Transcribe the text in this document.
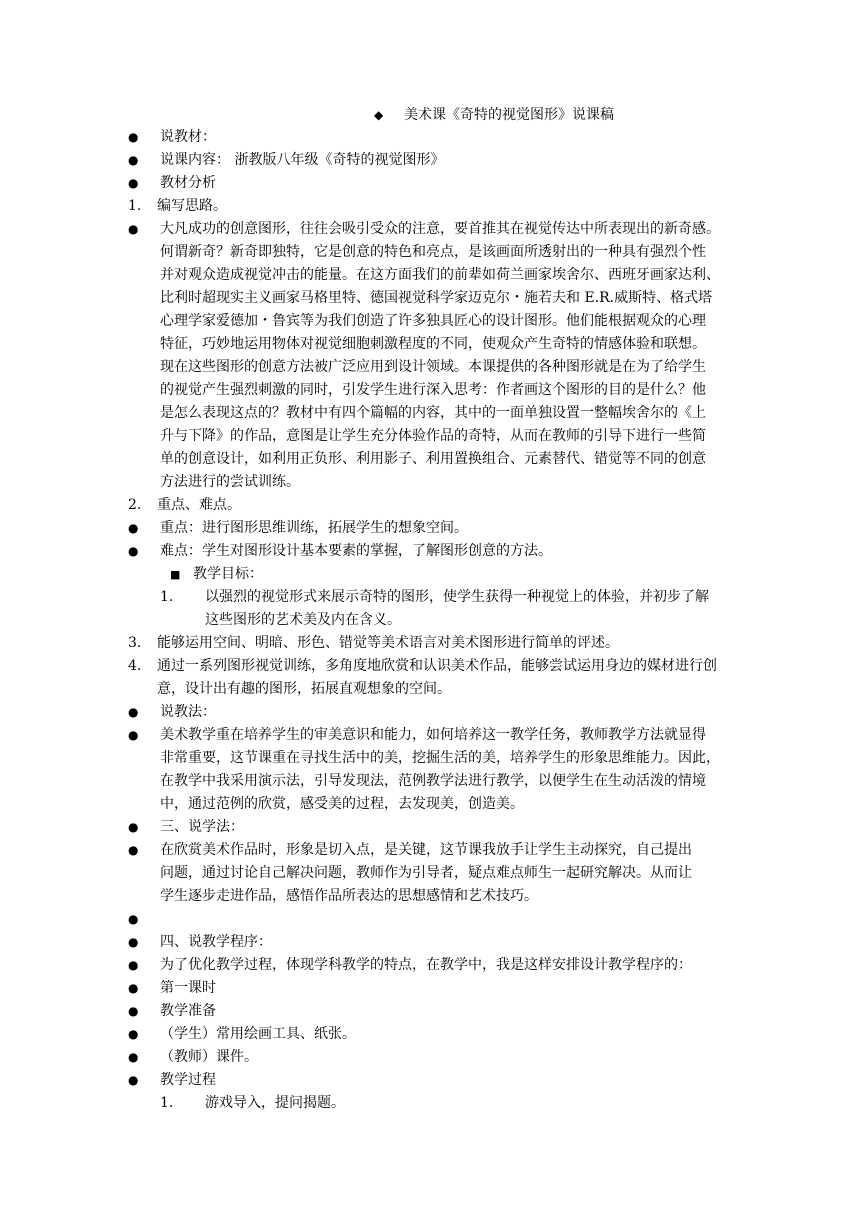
◆ 美术课《奇特的视觉图形》说课稿
●	说教材：
●	说课内容： 浙教版八年级《奇特的视觉图形》
●	教材分析
1.	编写思路。
●	大凡成功的创意图形，往往会吸引受众的注意，要首推其在视觉传达中所表现出的新奇感。
何谓新奇？新奇即独特，它是创意的特色和亮点，是该画面所透射出的一种具有强烈个性
并对观众造成视觉冲击的能量。在这方面我们的前辈如荷兰画家埃舍尔、西班牙画家达利、
比利时超现实主义画家马格里特、德国视觉科学家迈克尔・施若夫和 E.R.威斯特、格式塔
心理学家爱德加・鲁宾等为我们创造了许多独具匠心的设计图形。他们能根据观众的心理
特征，巧妙地运用物体对视觉细胞刺激程度的不同，使观众产生奇特的情感体验和联想。
现在这些图形的创意方法被广泛应用到设计领域。本课提供的各种图形就是在为了给学生
的视觉产生强烈刺激的同时，引发学生进行深入思考：作者画这个图形的目的是什么？他
是怎么表现这点的？教材中有四个篇幅的内容，其中的一面单独设置一整幅埃舍尔的《上
升与下降》的作品，意图是让学生充分体验作品的奇特，从而在教师的引导下进行一些简
单的创意设计，如利用正负形、利用影子、利用置换组合、元素替代、错觉等不同的创意
方法进行的尝试训练。
2.	重点、难点。
●	重点：进行图形思维训练，拓展学生的想象空间。
●	难点：学生对图形设计基本要素的掌握，了解图形创意的方法。
■ 教学目标：
1. 以强烈的视觉形式来展示奇特的图形，使学生获得一种视觉上的体验，并初步了解
这些图形的艺术美及内在含义。
3.	能够运用空间、明暗、形色、错觉等美术语言对美术图形进行简单的评述。
4.	通过一系列图形视觉训练，多角度地欣赏和认识美术作品，能够尝试运用身边的媒材进行创
意，设计出有趣的图形，拓展直观想象的空间。
●	说教法：
●	美术教学重在培养学生的审美意识和能力，如何培养这一教学任务，教师教学方法就显得
非常重要，这节课重在寻找生活中的美，挖掘生活的美，培养学生的形象思维能力。因此，
在教学中我采用演示法，引导发现法，范例教学法进行教学，以便学生在生动活泼的情境
中，通过范例的欣赏，感受美的过程，去发现美，创造美。
●	三、说学法：
●	在欣赏美术作品时，形象是切入点，是关键，这节课我放手让学生主动探究，自己提出
问题，通过讨论自己解决问题，教师作为引导者，疑点难点师生一起研究解决。从而让
学生逐步走进作品，感悟作品所表达的思想感情和艺术技巧。
●
●	四、说教学程序：
●	为了优化教学过程，体现学科教学的特点，在教学中，我是这样安排设计教学程序的：
●	第一课时
●	教学准备
●	（学生）常用绘画工具、纸张。
●	（教师）课件。
●	教学过程
1. 游戏导入，提问揭题。
